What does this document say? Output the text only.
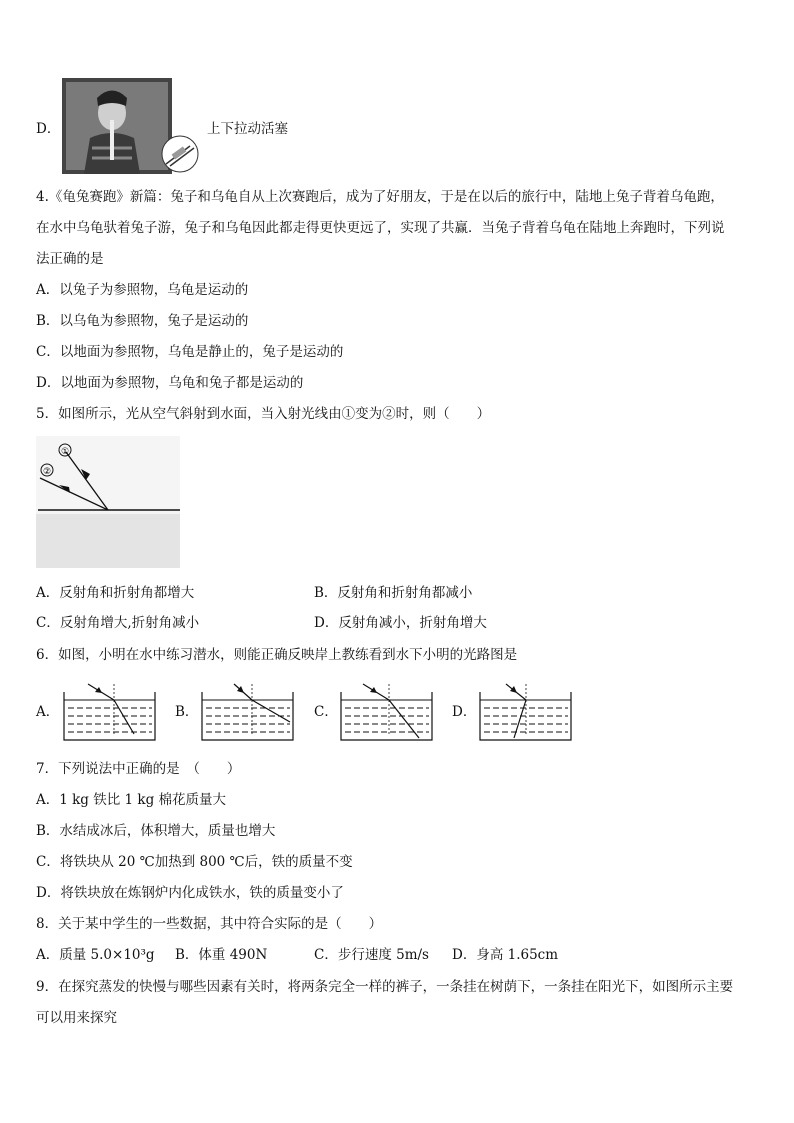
D．	上下拉动活塞
4.《龟兔赛跑》新篇：兔子和乌龟自从上次赛跑后，成为了好朋友，于是在以后的旅行中，陆地上兔子背着乌龟跑，
在水中乌龟驮着兔子游，兔子和乌龟因此都走得更快更远了，实现了共赢．当兔子背着乌龟在陆地上奔跑时，下列说
法正确的是
A．以兔子为参照物，乌龟是运动的
B．以乌龟为参照物，兔子是运动的
C．以地面为参照物，乌龟是静止的，兔子是运动的
D．以地面为参照物，乌龟和兔子都是运动的
5．如图所示，光从空气斜射到水面，当入射光线由①变为②时，则（　　）
①
②
A．反射角和折射角都增大	B．反射角和折射角都减小
C．反射角增大,折射角减小	D．反射角减小，折射角增大
6．如图，小明在水中练习潜水，则能正确反映岸上教练看到水下小明的光路图是
A．	B．	C．	D．
7．下列说法中正确的是　（　　）
A．1 kg 铁比 1 kg 棉花质量大
B．水结成冰后，体积增大，质量也增大
C．将铁块从 20 ℃加热到 800 ℃后，铁的质量不变
D．将铁块放在炼钢炉内化成铁水，铁的质量变小了
8．关于某中学生的一些数据，其中符合实际的是（　　）
A．质量 5.0×10³g B．体重 490N	C．步行速度 5m/s D．身高 1.65cm
9．在探究蒸发的快慢与哪些因素有关时，将两条完全一样的裤子，一条挂在树荫下，一条挂在阳光下，如图所示主要
可以用来探究
